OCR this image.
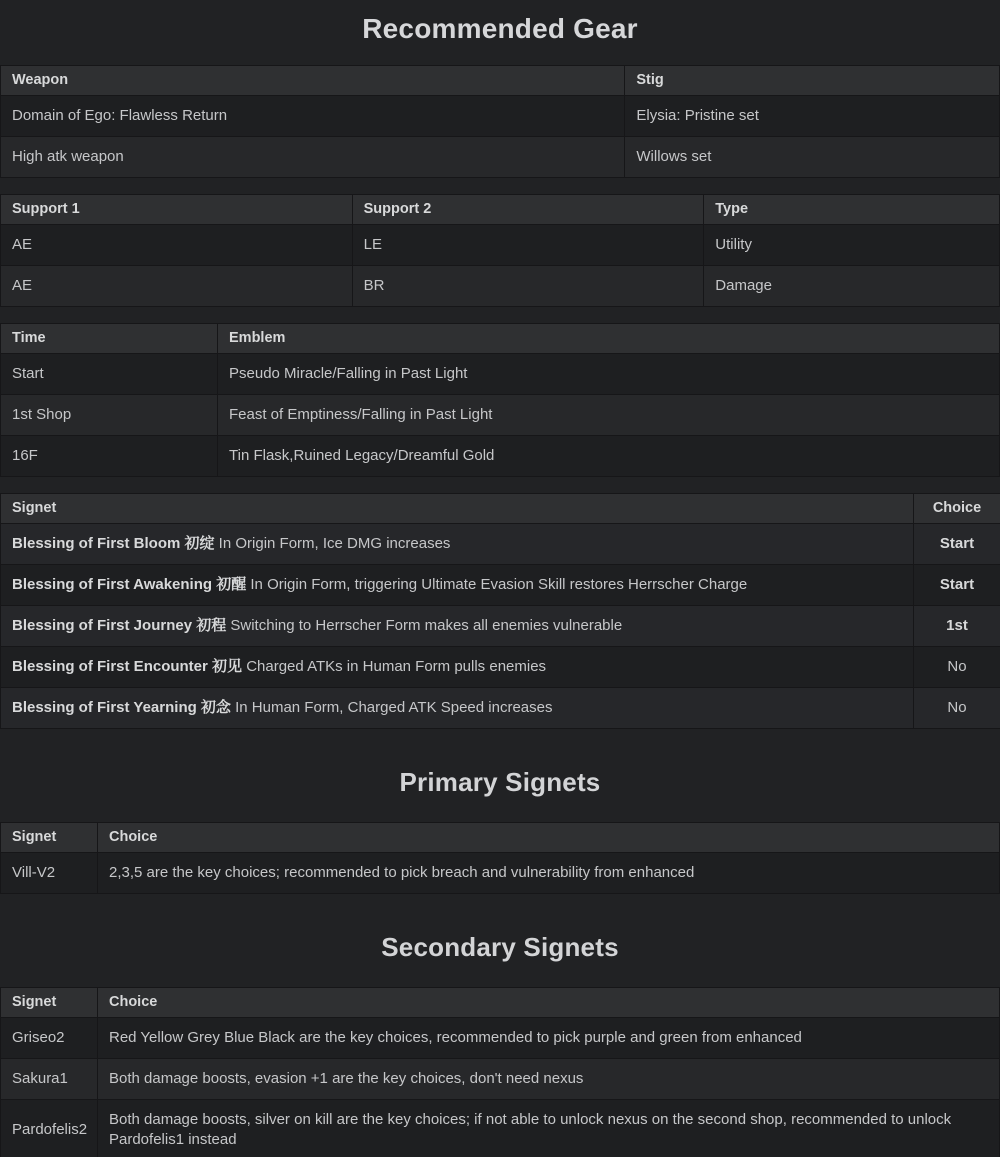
Recommended Gear
Weapon	Stig
Domain of Ego: Flawless Return	Elysia: Pristine set
High atk weapon	Willows set
Support 1	Support 2	Type
AE	LE	Utility
AE	BR	Damage
Time	Emblem
Start	Pseudo Miracle/Falling in Past Light
1st Shop	Feast of Emptiness/Falling in Past Light
16F	Tin Flask,Ruined Legacy/Dreamful Gold
Signet	Choice
Blessing of First Bloom 初绽 In Origin Form, Ice DMG increases	Start
Blessing of First Awakening 初醒 In Origin Form, triggering Ultimate Evasion Skill restores Herrscher Charge	Start
Blessing of First Journey 初程 Switching to Herrscher Form makes all enemies vulnerable	1st
Blessing of First Encounter 初见 Charged ATKs in Human Form pulls enemies	No
Blessing of First Yearning 初念 In Human Form, Charged ATK Speed increases	No
Primary Signets
Signet	Choice
Vill-V2	2,3,5 are the key choices; recommended to pick breach and vulnerability from enhanced
Secondary Signets
Signet	Choice
Griseo2	Red Yellow Grey Blue Black are the key choices, recommended to pick purple and green from enhanced
Sakura1	Both damage boosts, evasion +1 are the key choices, don't need nexus
Pardofelis2	Both damage boosts, silver on kill are the key choices; if not able to unlock nexus on the second shop, recommended to unlock Pardofelis1 instead
